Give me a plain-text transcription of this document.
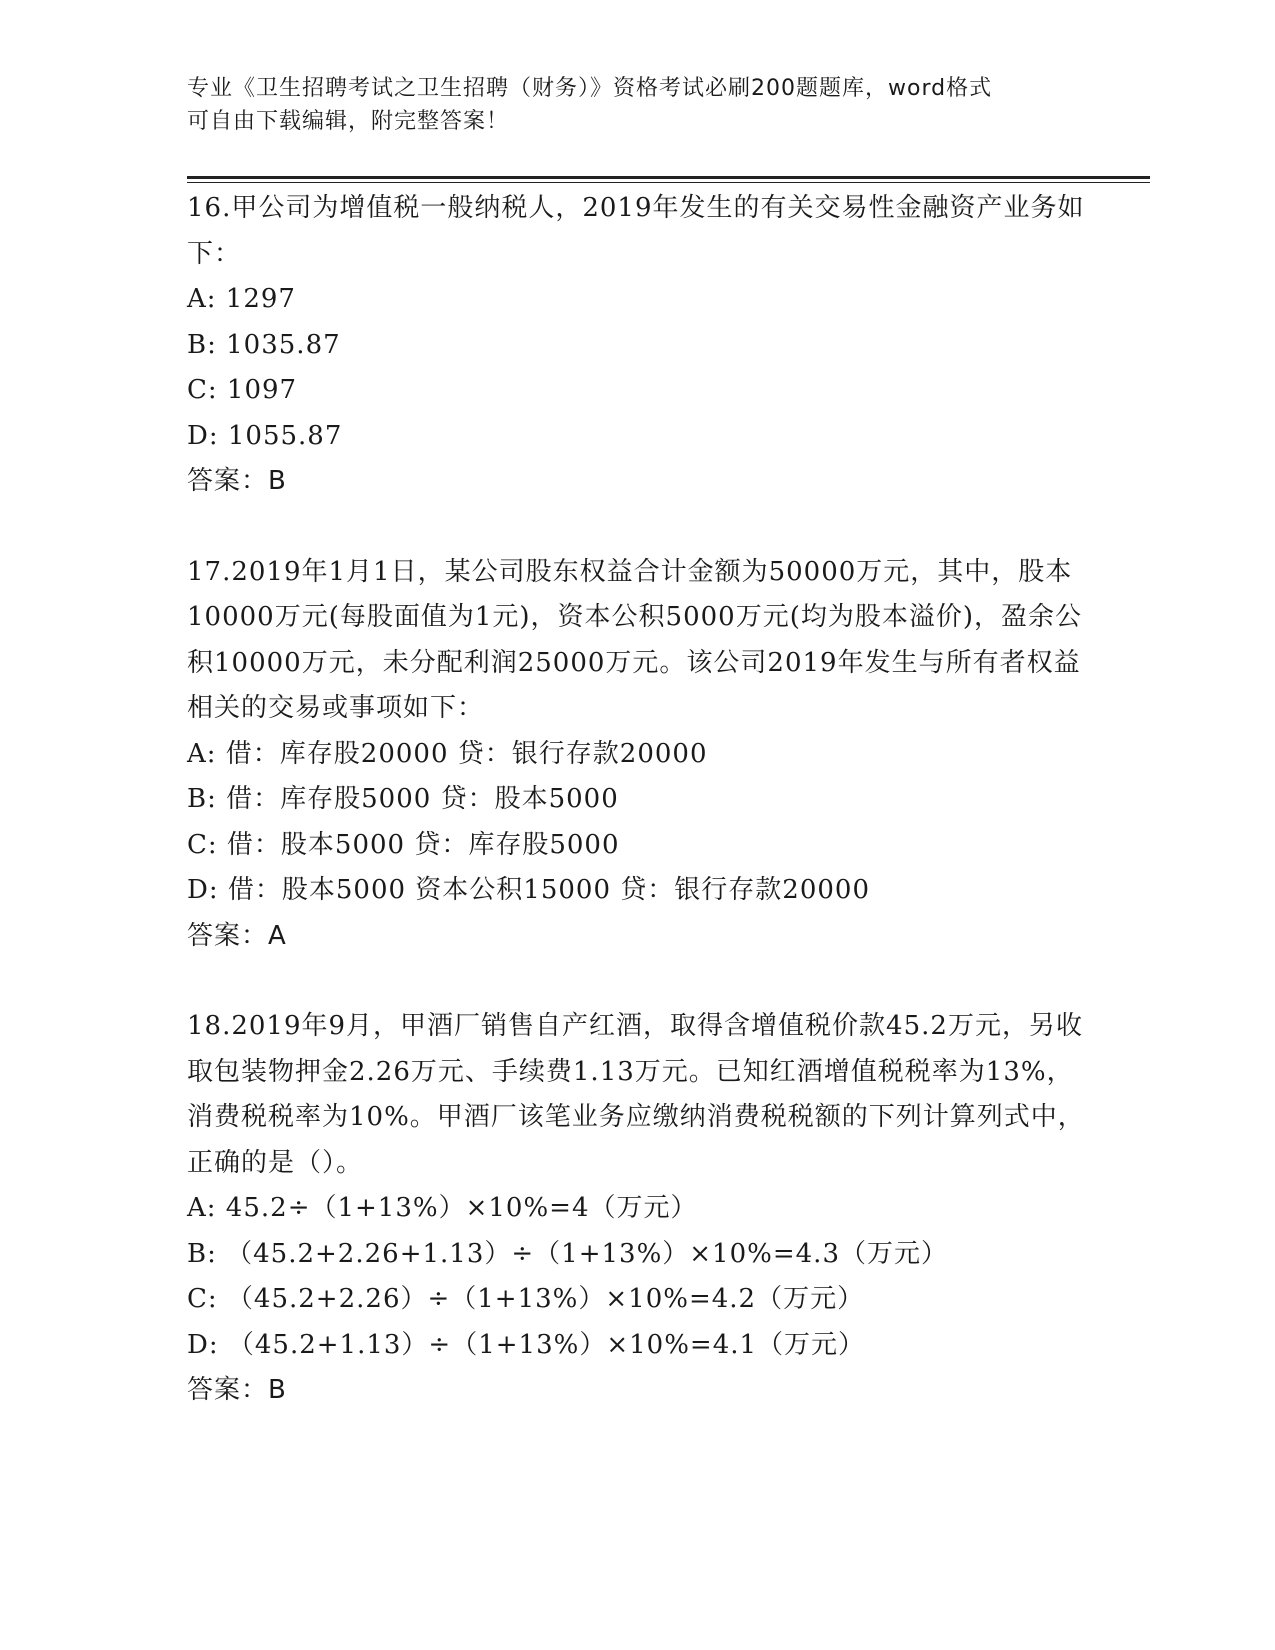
专业《卫生招聘考试之卫生招聘（财务）》资格考试必刷200题题库，word格式
可自由下载编辑，附完整答案！

16.甲公司为增值税一般纳税人，2019年发生的有关交易性金融资产业务如下：

A: 1297

B: 1035.87

C: 1097

D: 1055.87

答案：B

17.2019年1月1日，某公司股东权益合计金额为50000万元，其中，股本10000万元(每股面值为1元)，资本公积5000万元(均为股本溢价)，盈余公积10000万元，未分配利润25000万元。该公司2019年发生与所有者权益相关的交易或事项如下：

A: 借：库存股20000 贷：银行存款20000

B: 借：库存股5000 贷：股本5000

C: 借：股本5000 贷：库存股5000

D: 借：股本5000 资本公积15000 贷：银行存款20000

答案：A

18.2019年9月，甲酒厂销售自产红酒，取得含增值税价款45.2万元，另收取包装物押金2.26万元、手续费1.13万元。已知红酒增值税税率为13%，消费税税率为10%。甲酒厂该笔业务应缴纳消费税税额的下列计算列式中，正确的是（）。

A: 45.2÷（1+13%）×10%=4（万元）

B: （45.2+2.26+1.13）÷（1+13%）×10%=4.3（万元）

C: （45.2+2.26）÷（1+13%）×10%=4.2（万元）

D: （45.2+1.13）÷（1+13%）×10%=4.1（万元）

答案：B
